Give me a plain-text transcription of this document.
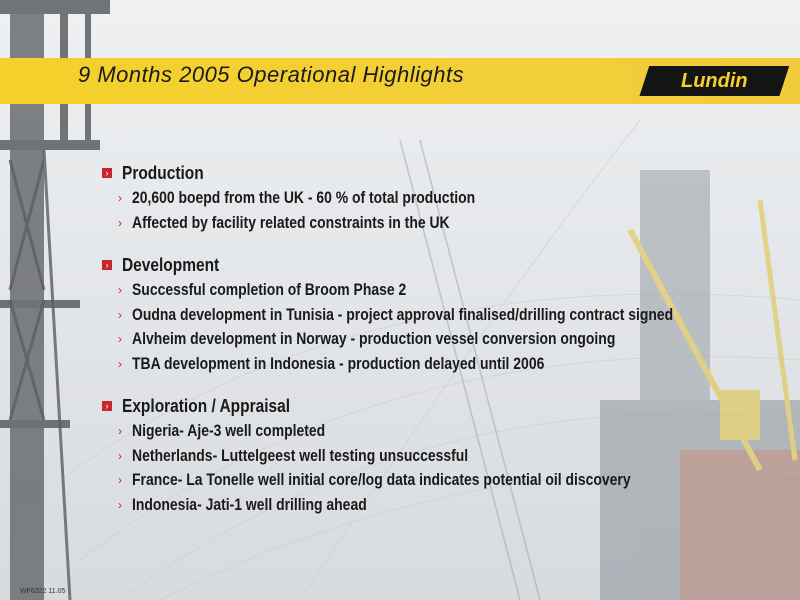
9 Months 2005 Operational Highlights	Lundin
› Production
› 20,600 boepd from the UK - 60 % of total production
› Affected by facility related constraints in the UK
› Development
› Successful completion of Broom Phase 2
› Oudna development in Tunisia - project approval finalised/drilling contract signed
› Alvheim development in Norway - production vessel conversion ongoing
› TBA development in Indonesia - production delayed until 2006
› Exploration / Appraisal
› Nigeria- Aje-3 well completed
› Netherlands- Luttelgeest well testing unsuccessful
› France- La Tonelle well initial core/log data indicates potential oil discovery
› Indonesia- Jati-1 well drilling ahead
WF6322 11.05
